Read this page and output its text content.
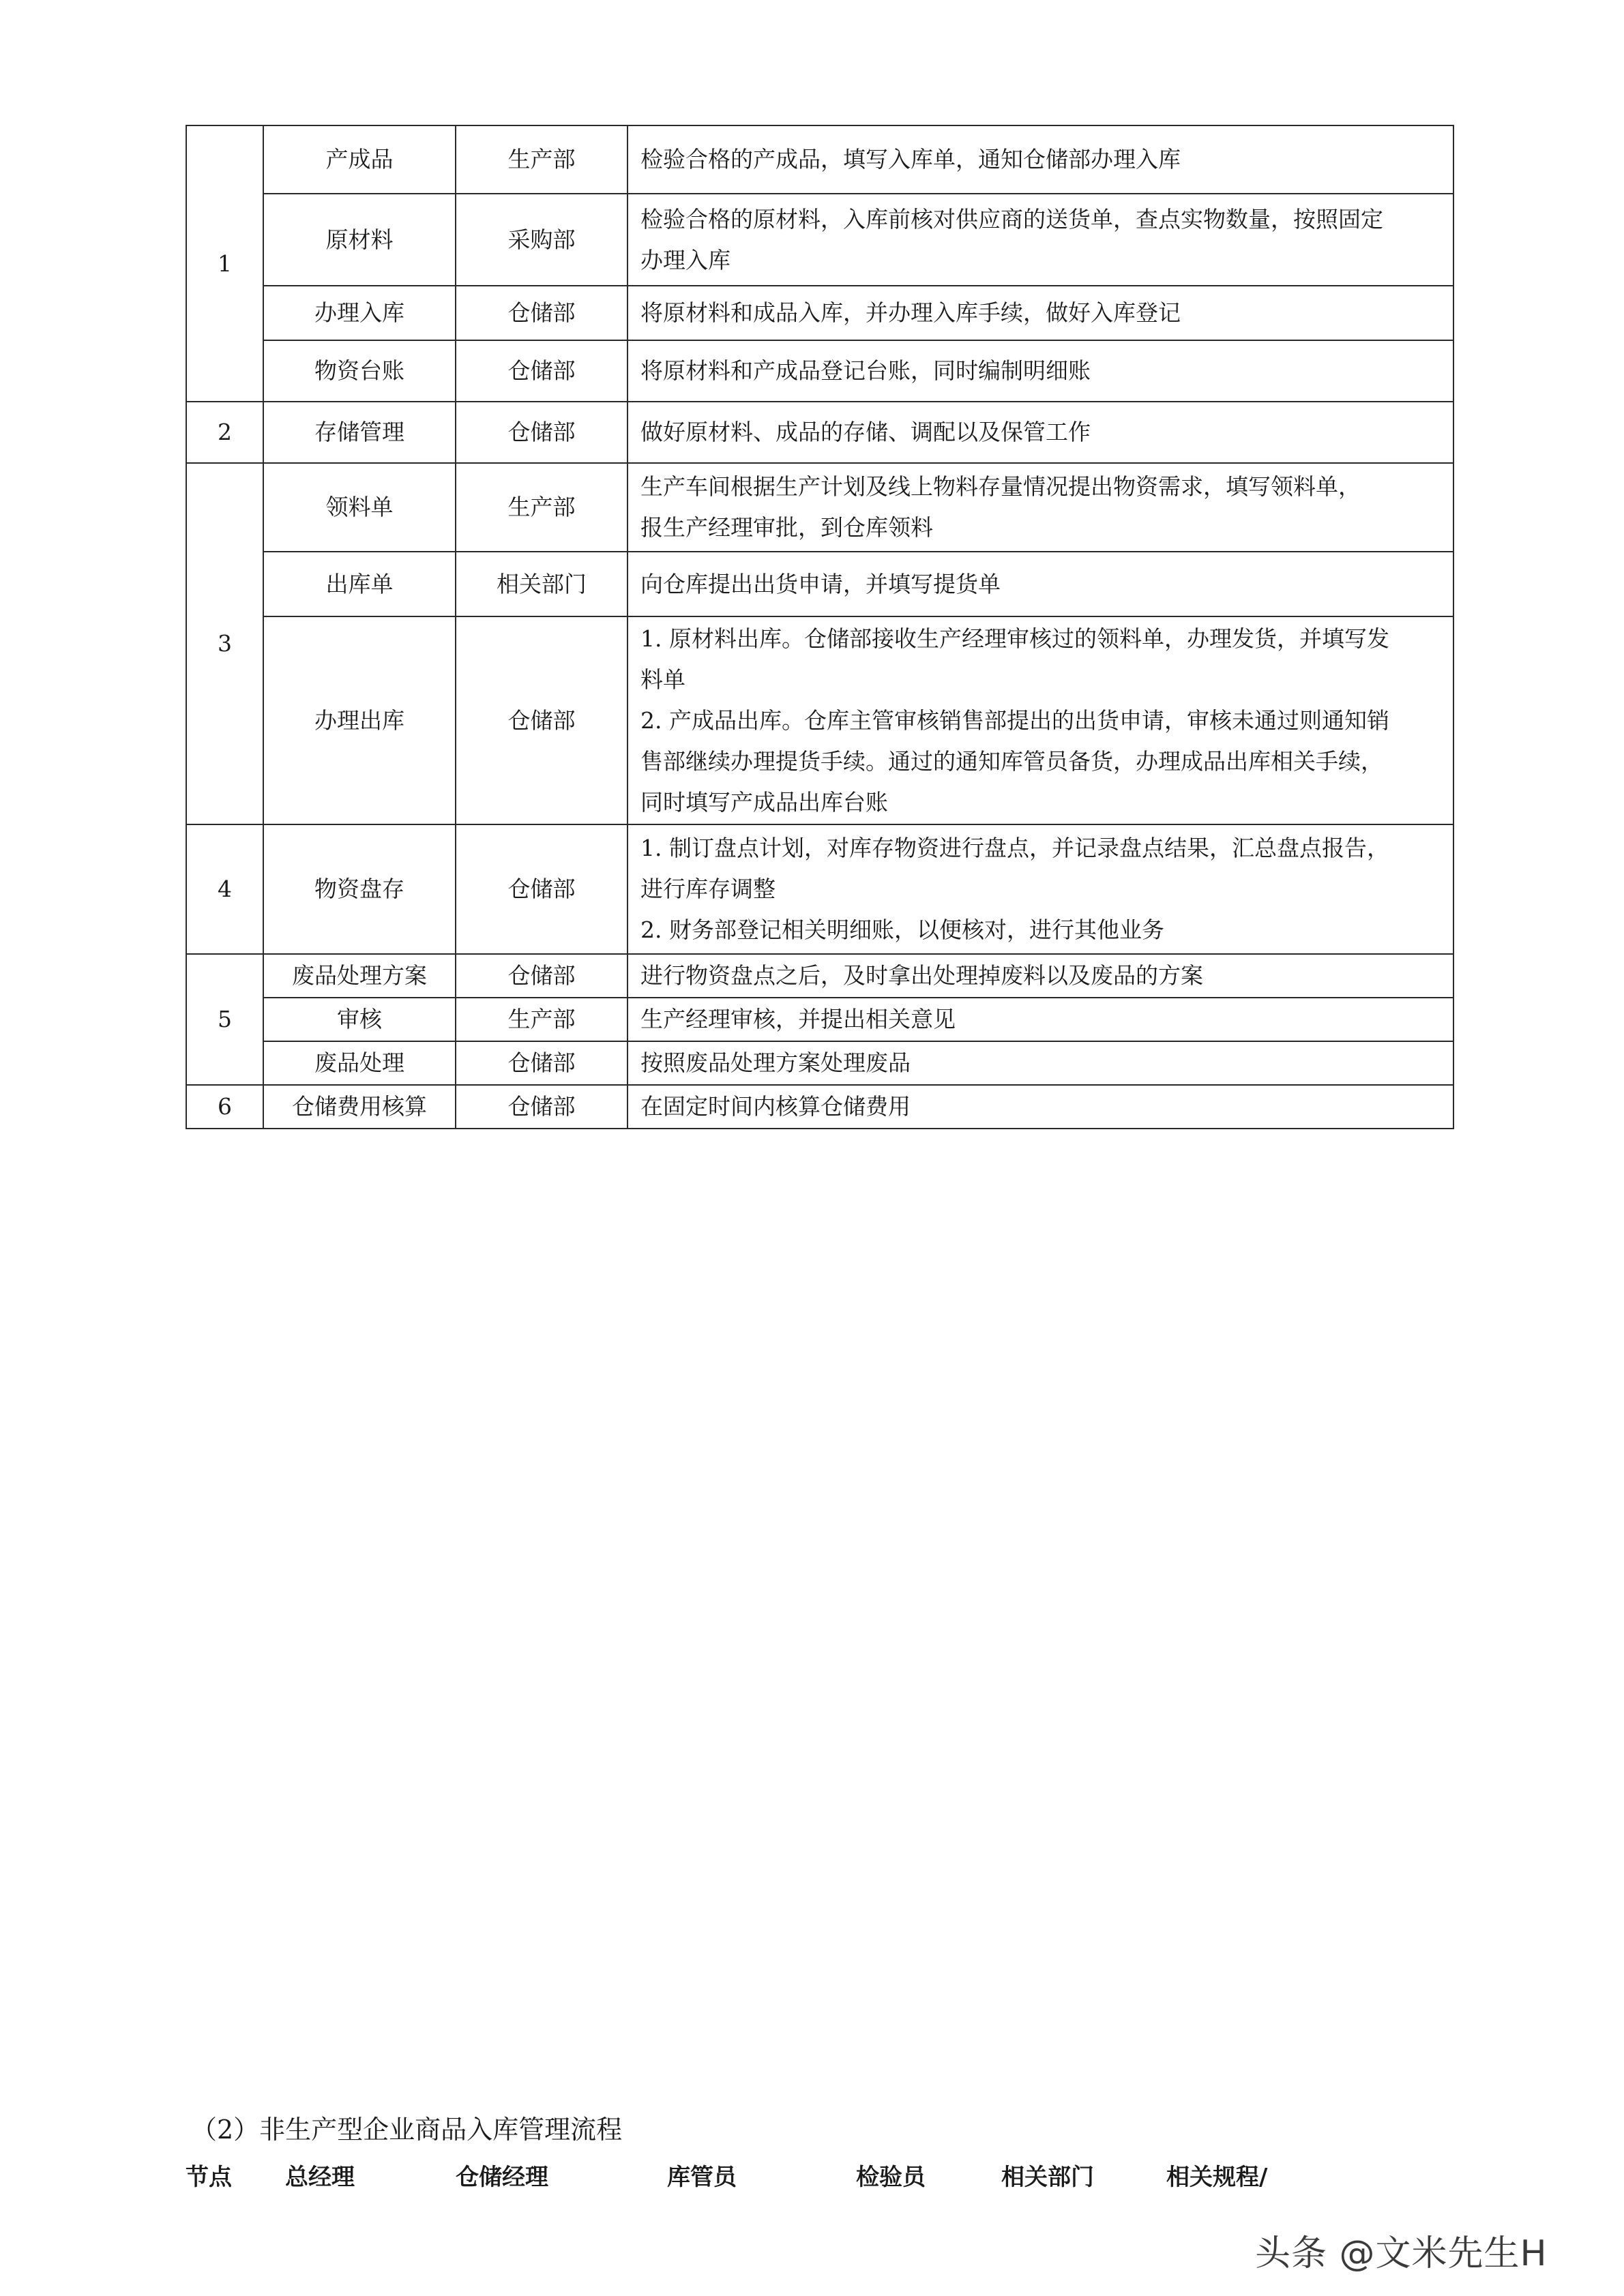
1	产成品	生产部	检验合格的产成品，填写入库单，通知仓储部办理入库

	原材料	采购部	检验合格的原材料，入库前核对供应商的送货单，查点实物数量，按照固定
办理入库

	办理入库	仓储部	将原材料和成品入库，并办理入库手续，做好入库登记

	物资台账	仓储部	将原材料和产成品登记台账，同时编制明细账

2	存储管理	仓储部	做好原材料、成品的存储、调配以及保管工作

3	领料单	生产部	生产车间根据生产计划及线上物料存量情况提出物资需求，填写领料单，
报生产经理审批，到仓库领料

	出库单	相关部门	向仓库提出出货申请，并填写提货单

	办理出库	仓储部	1. 原材料出库。仓储部接收生产经理审核过的领料单，办理发货，并填写发
料单
2. 产成品出库。仓库主管审核销售部提出的出货申请，审核未通过则通知销
售部继续办理提货手续。通过的通知库管员备货，办理成品出库相关手续，
同时填写产成品出库台账

4	物资盘存	仓储部	1. 制订盘点计划，对库存物资进行盘点，并记录盘点结果，汇总盘点报告，
进行库存调整
2. 财务部登记相关明细账，以便核对，进行其他业务

5	废品处理方案	仓储部	进行物资盘点之后，及时拿出处理掉废料以及废品的方案

	审核	生产部	生产经理审核，并提出相关意见

	废品处理	仓储部	按照废品处理方案处理废品

6	仓储费用核算	仓储部	在固定时间内核算仓储费用
（2）非生产型企业商品入库管理流程
节点 总经理	仓储经理	库管员	检验员	相关部门	相关规程/
头条 @文米先生H
